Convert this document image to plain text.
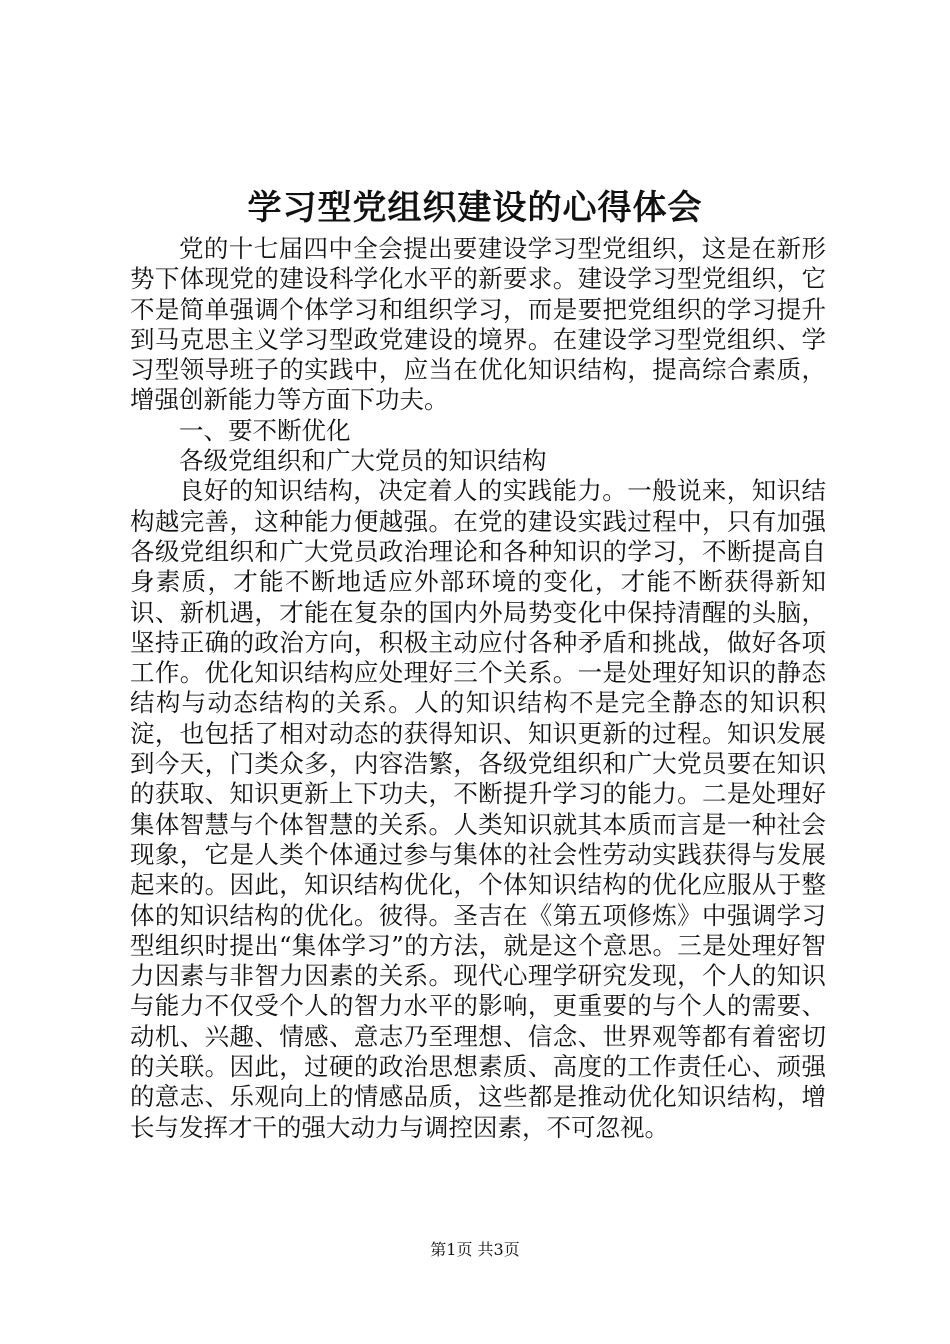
学习型党组织建设的心得体会

党的十七届四中全会提出要建设学习型党组织，这是在新形势下体现党的建设科学化水平的新要求。建设学习型党组织，它不是简单强调个体学习和组织学习，而是要把党组织的学习提升到马克思主义学习型政党建设的境界。在建设学习型党组织、学习型领导班子的实践中，应当在优化知识结构，提高综合素质，增强创新能力等方面下功夫。

一、要不断优化

各级党组织和广大党员的知识结构

良好的知识结构，决定着人的实践能力。一般说来，知识结构越完善，这种能力便越强。在党的建设实践过程中，只有加强各级党组织和广大党员政治理论和各种知识的学习，不断提高自身素质，才能不断地适应外部环境的变化，才能不断获得新知识、新机遇，才能在复杂的国内外局势变化中保持清醒的头脑，坚持正确的政治方向，积极主动应付各种矛盾和挑战，做好各项工作。优化知识结构应处理好三个关系。一是处理好知识的静态结构与动态结构的关系。人的知识结构不是完全静态的知识积淀，也包括了相对动态的获得知识、知识更新的过程。知识发展到今天，门类众多，内容浩繁，各级党组织和广大党员要在知识的获取、知识更新上下功夫，不断提升学习的能力。二是处理好集体智慧与个体智慧的关系。人类知识就其本质而言是一种社会现象，它是人类个体通过参与集体的社会性劳动实践获得与发展起来的。因此，知识结构优化，个体知识结构的优化应服从于整体的知识结构的优化。彼得。圣吉在《第五项修炼》中强调学习型组织时提出“集体学习”的方法，就是这个意思。三是处理好智力因素与非智力因素的关系。现代心理学研究发现，个人的知识与能力不仅受个人的智力水平的影响，更重要的与个人的需要、动机、兴趣、情感、意志乃至理想、信念、世界观等都有着密切的关联。因此，过硬的政治思想素质、高度的工作责任心、顽强的意志、乐观向上的情感品质，这些都是推动优化知识结构，增长与发挥才干的强大动力与调控因素，不可忽视。

第1页 共3页
